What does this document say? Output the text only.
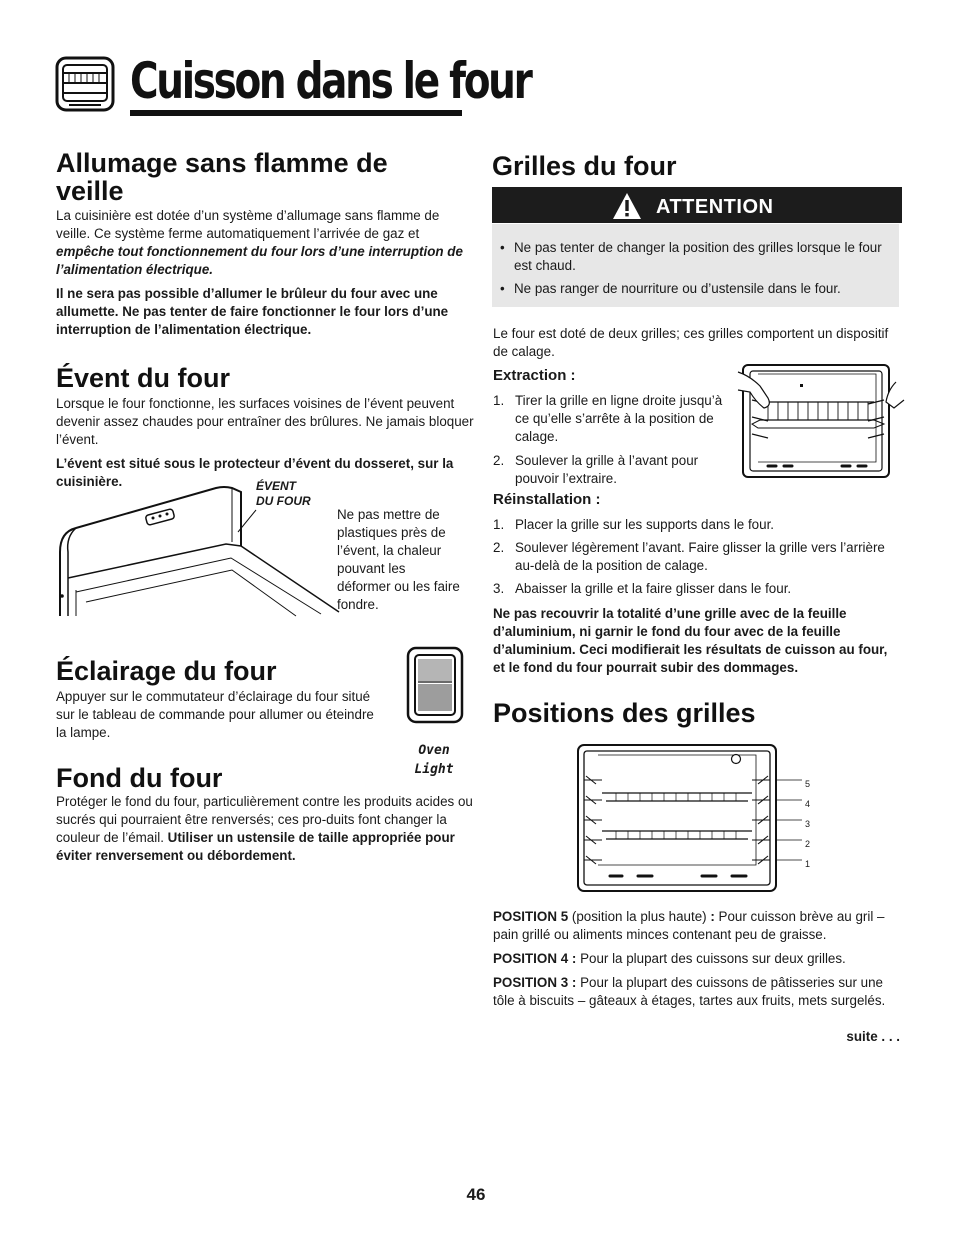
Cuisson dans le four
Allumage sans flamme de veille

La cuisinière est dotée d’un système d’allumage sans flamme de veille. Ce système ferme automatiquement l’arrivée de gaz et empêche tout fonctionnement du four lors d’une interruption de l’alimentation électrique.

Il ne sera pas possible d’allumer le brûleur du four avec une allumette. Ne pas tenter de faire fonctionner le four lors d’une interruption de l’alimentation électrique.

Évent du four

Lorsque le four fonctionne, les surfaces voisines de l’évent peuvent devenir assez chaudes pour entraîner des brûlures. Ne jamais bloquer l’évent.

L’évent est situé sous le protecteur d’évent du dosseret, sur la cuisinière.	ÉVENT
DU FOUR
Ne pas mettre de plastiques près de l’évent, la chaleur pouvant les déformer ou les faire fondre.
Éclairage du four
Appuyer sur le commutateur d’éclairage du four situé sur le tableau de commande pour allumer ou éteindre la lampe.
Oven
Light
Fond du four
Protéger le fond du four, particulièrement contre les produits acides ou sucrés qui pourraient être renversés; ces pro-duits font changer la couleur de l’émail. Utiliser un ustensile de taille appropriée pour éviter renversement ou débordement.
Grilles du four
ATTENTION

• Ne pas tenter de changer la position des grilles lorsque le four est chaud.

• Ne pas ranger de nourriture ou d’ustensile dans le four.

Le four est doté de deux grilles; ces grilles comportent un dispositif de calage.
Extraction :

1. Tirer la grille en ligne droite jusqu’à ce qu’elle s’arrête à la position de calage.

2. Soulever la grille à l’avant pour pouvoir l’extraire.

Réinstallation :

1. Placer la grille sur les supports dans le four.

2. Soulever légèrement l’avant. Faire glisser la grille vers l’arrière au-delà de la position de calage.

3. Abaisser la grille et la faire glisser dans le four.

Ne pas recouvrir la totalité d’une grille avec de la feuille d’aluminium, ni garnir le fond du four avec de la feuille d’aluminium. Ceci modifierait les résultats de cuisson au four, et le fond du four pourrait subir des dommages.
Positions des grilles
5
4
3
2
1

POSITION 5 (position la plus haute) : Pour cuisson brève au gril – pain grillé ou aliments minces contenant peu de graisse.

POSITION 4 : Pour la plupart des cuissons sur deux grilles.

POSITION 3 : Pour la plupart des cuissons de pâtisseries sur une tôle à biscuits – gâteaux à étages, tartes aux fruits, mets surgelés.

suite . . .
46
